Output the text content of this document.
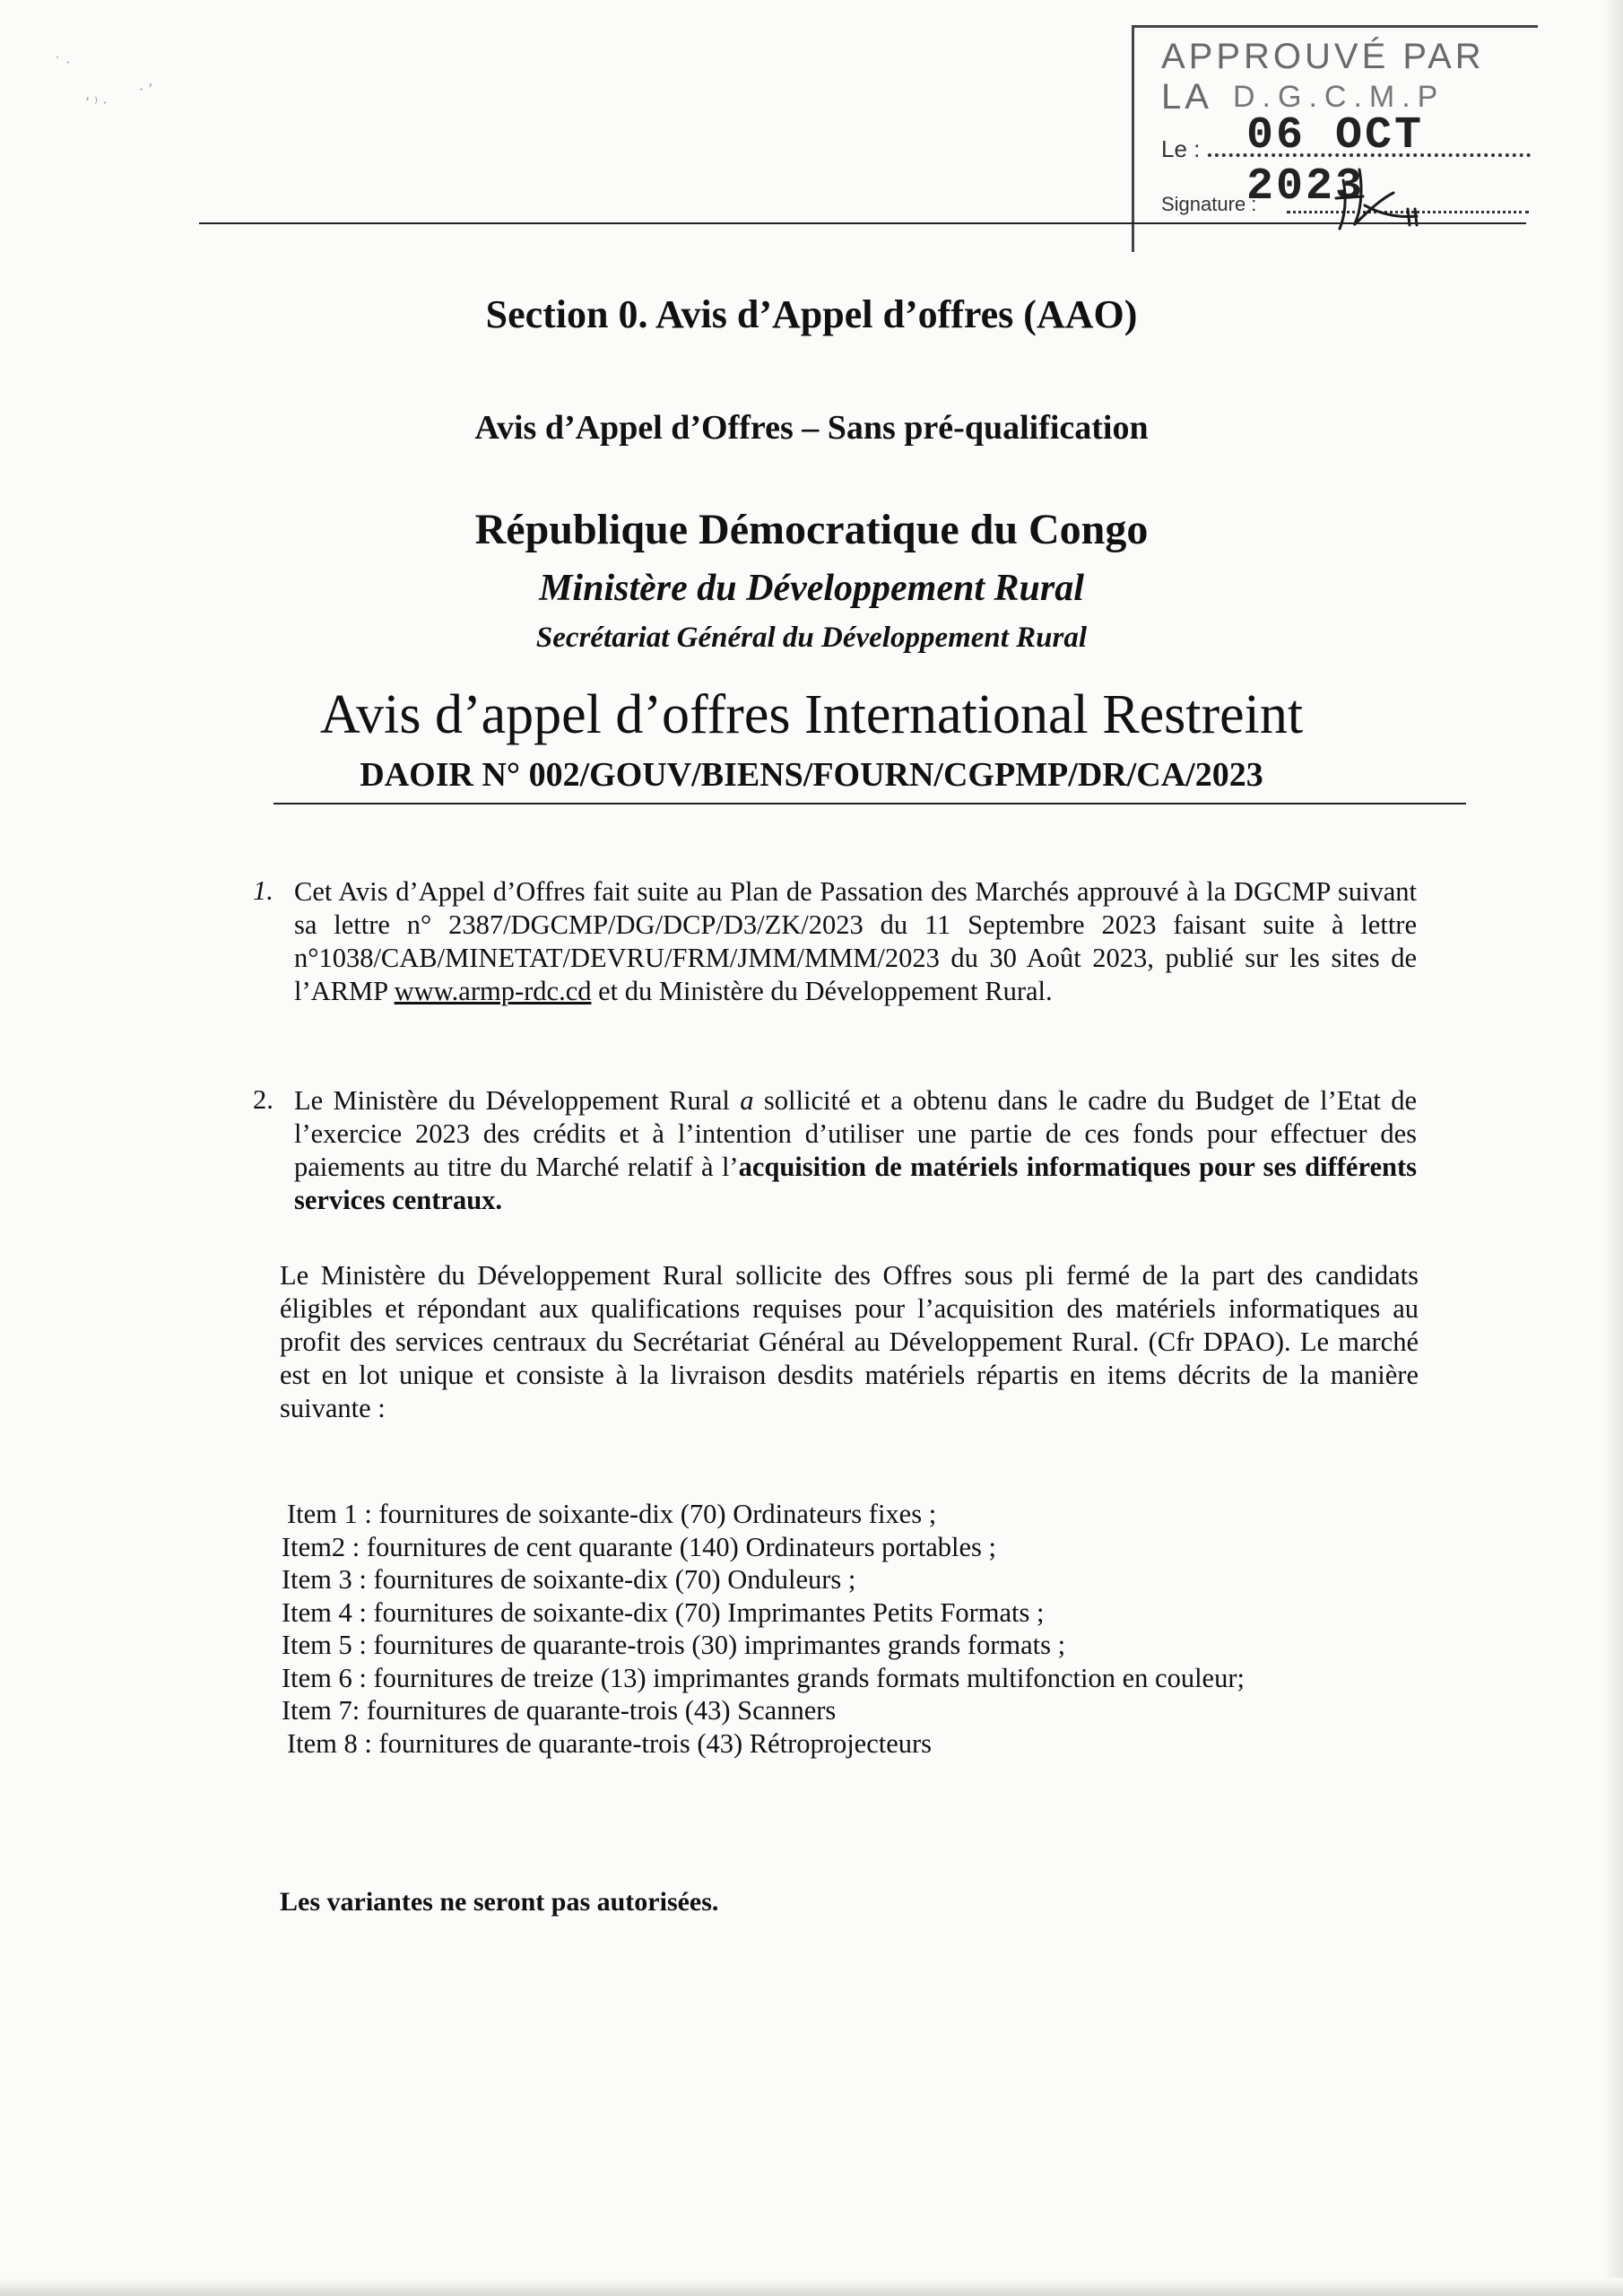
˙ ·
ʼ ⁾ ·
· ʼ
APPROUVÉ PAR LA D.G.C.M.P
Le : 06 OCT 2023
Signature :
Section 0. Avis d’Appel d’offres (AAO)
Avis d’Appel d’Offres – Sans pré-qualification
République Démocratique du Congo
Ministère du Développement Rural
Secrétariat Général du Développement Rural
Avis d’appel d’offres International Restreint
DAOIR N° 002/GOUV/BIENS/FOURN/CGPMP/DR/CA/2023
1. Cet Avis d’Appel d’Offres fait suite au Plan de Passation des Marchés approuvé à la DGCMP suivant sa lettre n° 2387/DGCMP/DG/DCP/D3/ZK/2023 du 11 Septembre 2023 faisant suite à lettre n°1038/CAB/MINETAT/DEVRU/FRM/JMM/MMM/2023 du 30 Août 2023, publié sur les sites de l’ARMP www.armp-rdc.cd et du Ministère du Développement Rural.
2. Le Ministère du Développement Rural a sollicité et a obtenu dans le cadre du Budget de l’Etat de l’exercice 2023 des crédits et à l’intention d’utiliser une partie de ces fonds pour effectuer des paiements au titre du Marché relatif à l’acquisition de matériels informatiques pour ses différents services centraux.
Le Ministère du Développement Rural sollicite des Offres sous pli fermé de la part des candidats éligibles et répondant aux qualifications requises pour l’acquisition des matériels informatiques au profit des services centraux du Secrétariat Général au Développement Rural. (Cfr DPAO). Le marché est en lot unique et consiste à la livraison desdits matériels répartis en items décrits de la manière suivante :
Item 1 : fournitures de soixante-dix (70) Ordinateurs fixes ;
Item2 : fournitures de cent quarante (140) Ordinateurs portables ;
Item 3 : fournitures de soixante-dix (70) Onduleurs ;
Item 4 : fournitures de soixante-dix (70) Imprimantes Petits Formats ;
Item 5 : fournitures de quarante-trois (30) imprimantes grands formats ;
Item 6 : fournitures de treize (13) imprimantes grands formats multifonction en couleur;
Item 7: fournitures de quarante-trois (43) Scanners
Item 8 : fournitures de quarante-trois (43) Rétroprojecteurs
Les variantes ne seront pas autorisées.
